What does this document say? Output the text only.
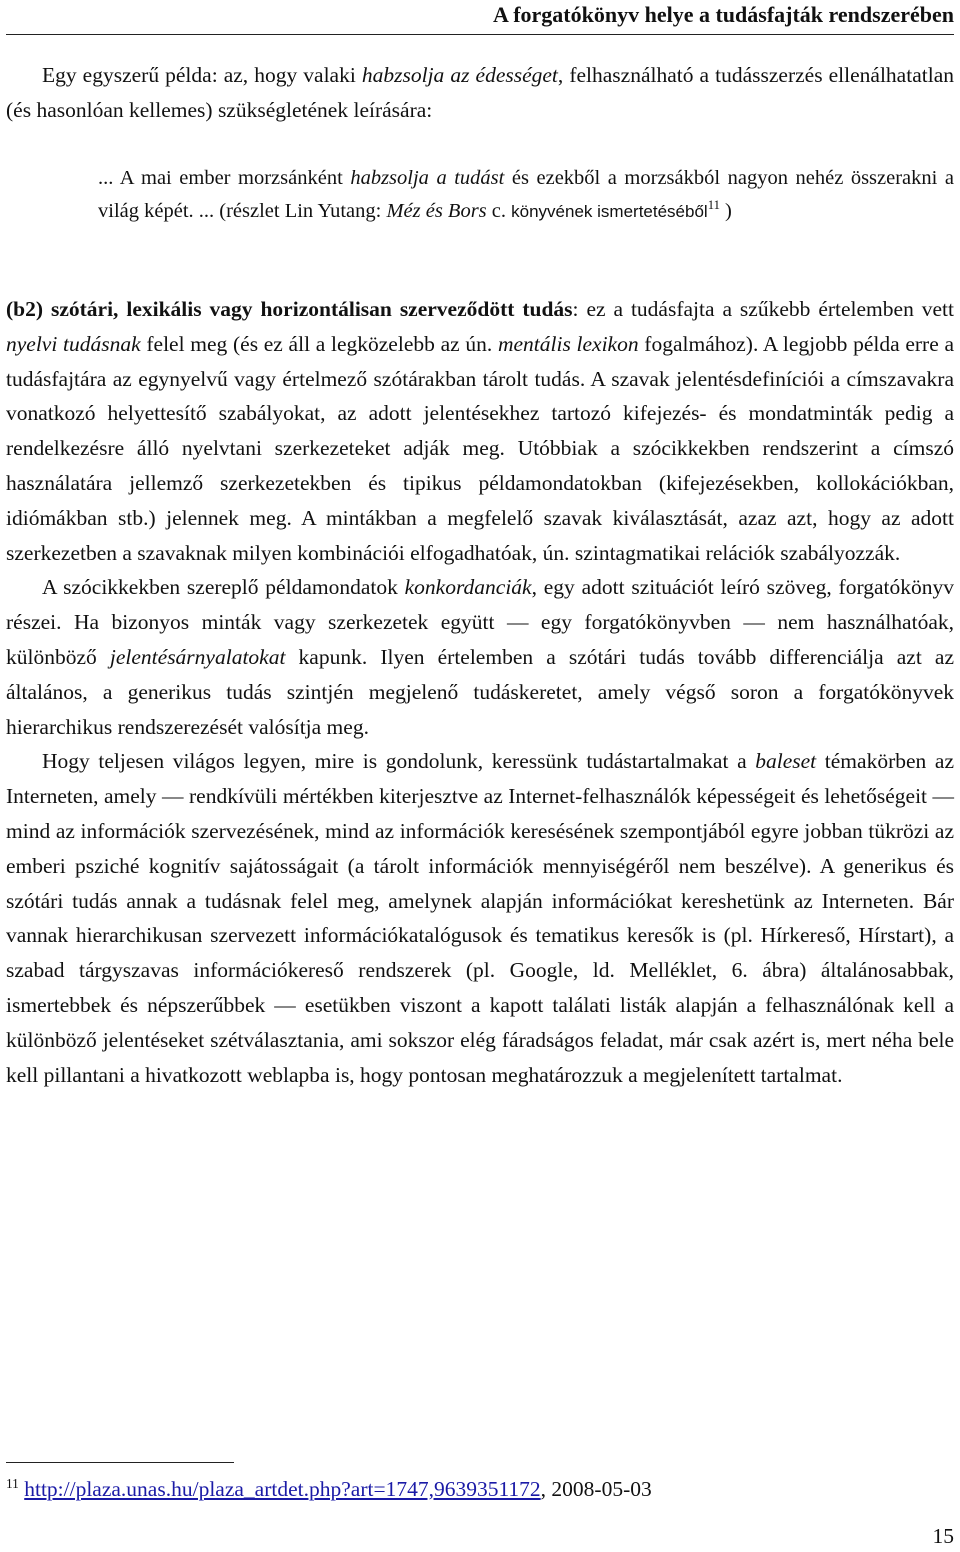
A forgatókönyv helye a tudásfajták rendszerében

Egy egyszerű példa: az, hogy valaki habzsolja az édességet, felhasználható a tudásszerzés ellenálhatatlan (és hasonlóan kellemes) szükségletének leírására:

... A mai ember morzsánként habzsolja a tudást és ezekből a morzsákból nagyon nehéz összerakni a világ képét. ... (részlet Lin Yutang: Méz és Bors c. könyvének ismertetéséből$^{11}$ )

(b2) szótári, lexikális vagy horizontálisan szerveződött tudás: ez a tudásfajta a szűkebb értelemben vett nyelvi tudásnak felel meg (és ez áll a legközelebb az ún. mentális lexikon fogalmához). A legjobb példa erre a tudásfajtára az egynyelvű vagy értelmező szótárakban tárolt tudás. A szavak jelentésdefiníciói a címszavakra vonatkozó helyettesítő szabályokat, az adott jelentésekhez tartozó kifejezés- és mondatminták pedig a rendelkezésre álló nyelvtani szerkezeteket adják meg. Utóbbiak a szócikkekben rendszerint a címszó használatára jellemző szerkezetekben és tipikus példamondatokban (kifejezésekben, kollokációkban, idiómákban stb.) jelennek meg. A mintákban a megfelelő szavak kiválasztását, azaz azt, hogy az adott szerkezetben a szavaknak milyen kombinációi elfogadhatóak, ún. szintagmatikai relációk szabályozzák.

A szócikkekben szereplő példamondatok konkordanciák, egy adott szituációt leíró szöveg, forgatókönyv részei. Ha bizonyos minták vagy szerkezetek együtt — egy forgatókönyvben — nem használhatóak, különböző jelentésárnyalatokat kapunk. Ilyen értelemben a szótári tudás tovább differenciálja azt az általános, a generikus tudás szintjén megjelenő tudáskeretet, amely végső soron a forgatókönyvek hierarchikus rendszerezését valósítja meg.

Hogy teljesen világos legyen, mire is gondolunk, keressünk tudástartalmakat a baleset témakörben az Interneten, amely — rendkívüli mértékben kiterjesztve az Internet-felhasználók képességeit és lehetőségeit — mind az információk szervezésének, mind az információk keresésének szempontjából egyre jobban tükrözi az emberi psziché kognitív sajátosságait (a tárolt információk mennyiségéről nem beszélve). A generikus és szótári tudás annak a tudásnak felel meg, amelynek alapján információkat kereshetünk az Interneten. Bár vannak hierarchikusan szervezett információkatalógusok és tematikus keresők is (pl. Hírkereső, Hírstart), a szabad tárgyszavas információkereső rendszerek (pl. Google, ld. Melléklet, 6. ábra) általánosabbak, ismertebbek és népszerűbbek — esetükben viszont a kapott találati listák alapján a felhasználónak kell a különböző jelentéseket szétválasztania, ami sokszor elég fáradságos feladat, már csak azért is, mert néha bele kell pillantani a hivatkozott weblapba is, hogy pontosan meghatározzuk a megjelenített tartalmat.

$^{11}$ http://plaza.unas.hu/plaza_artdet.php?art=1747,9639351172, 2008-05-03
15
